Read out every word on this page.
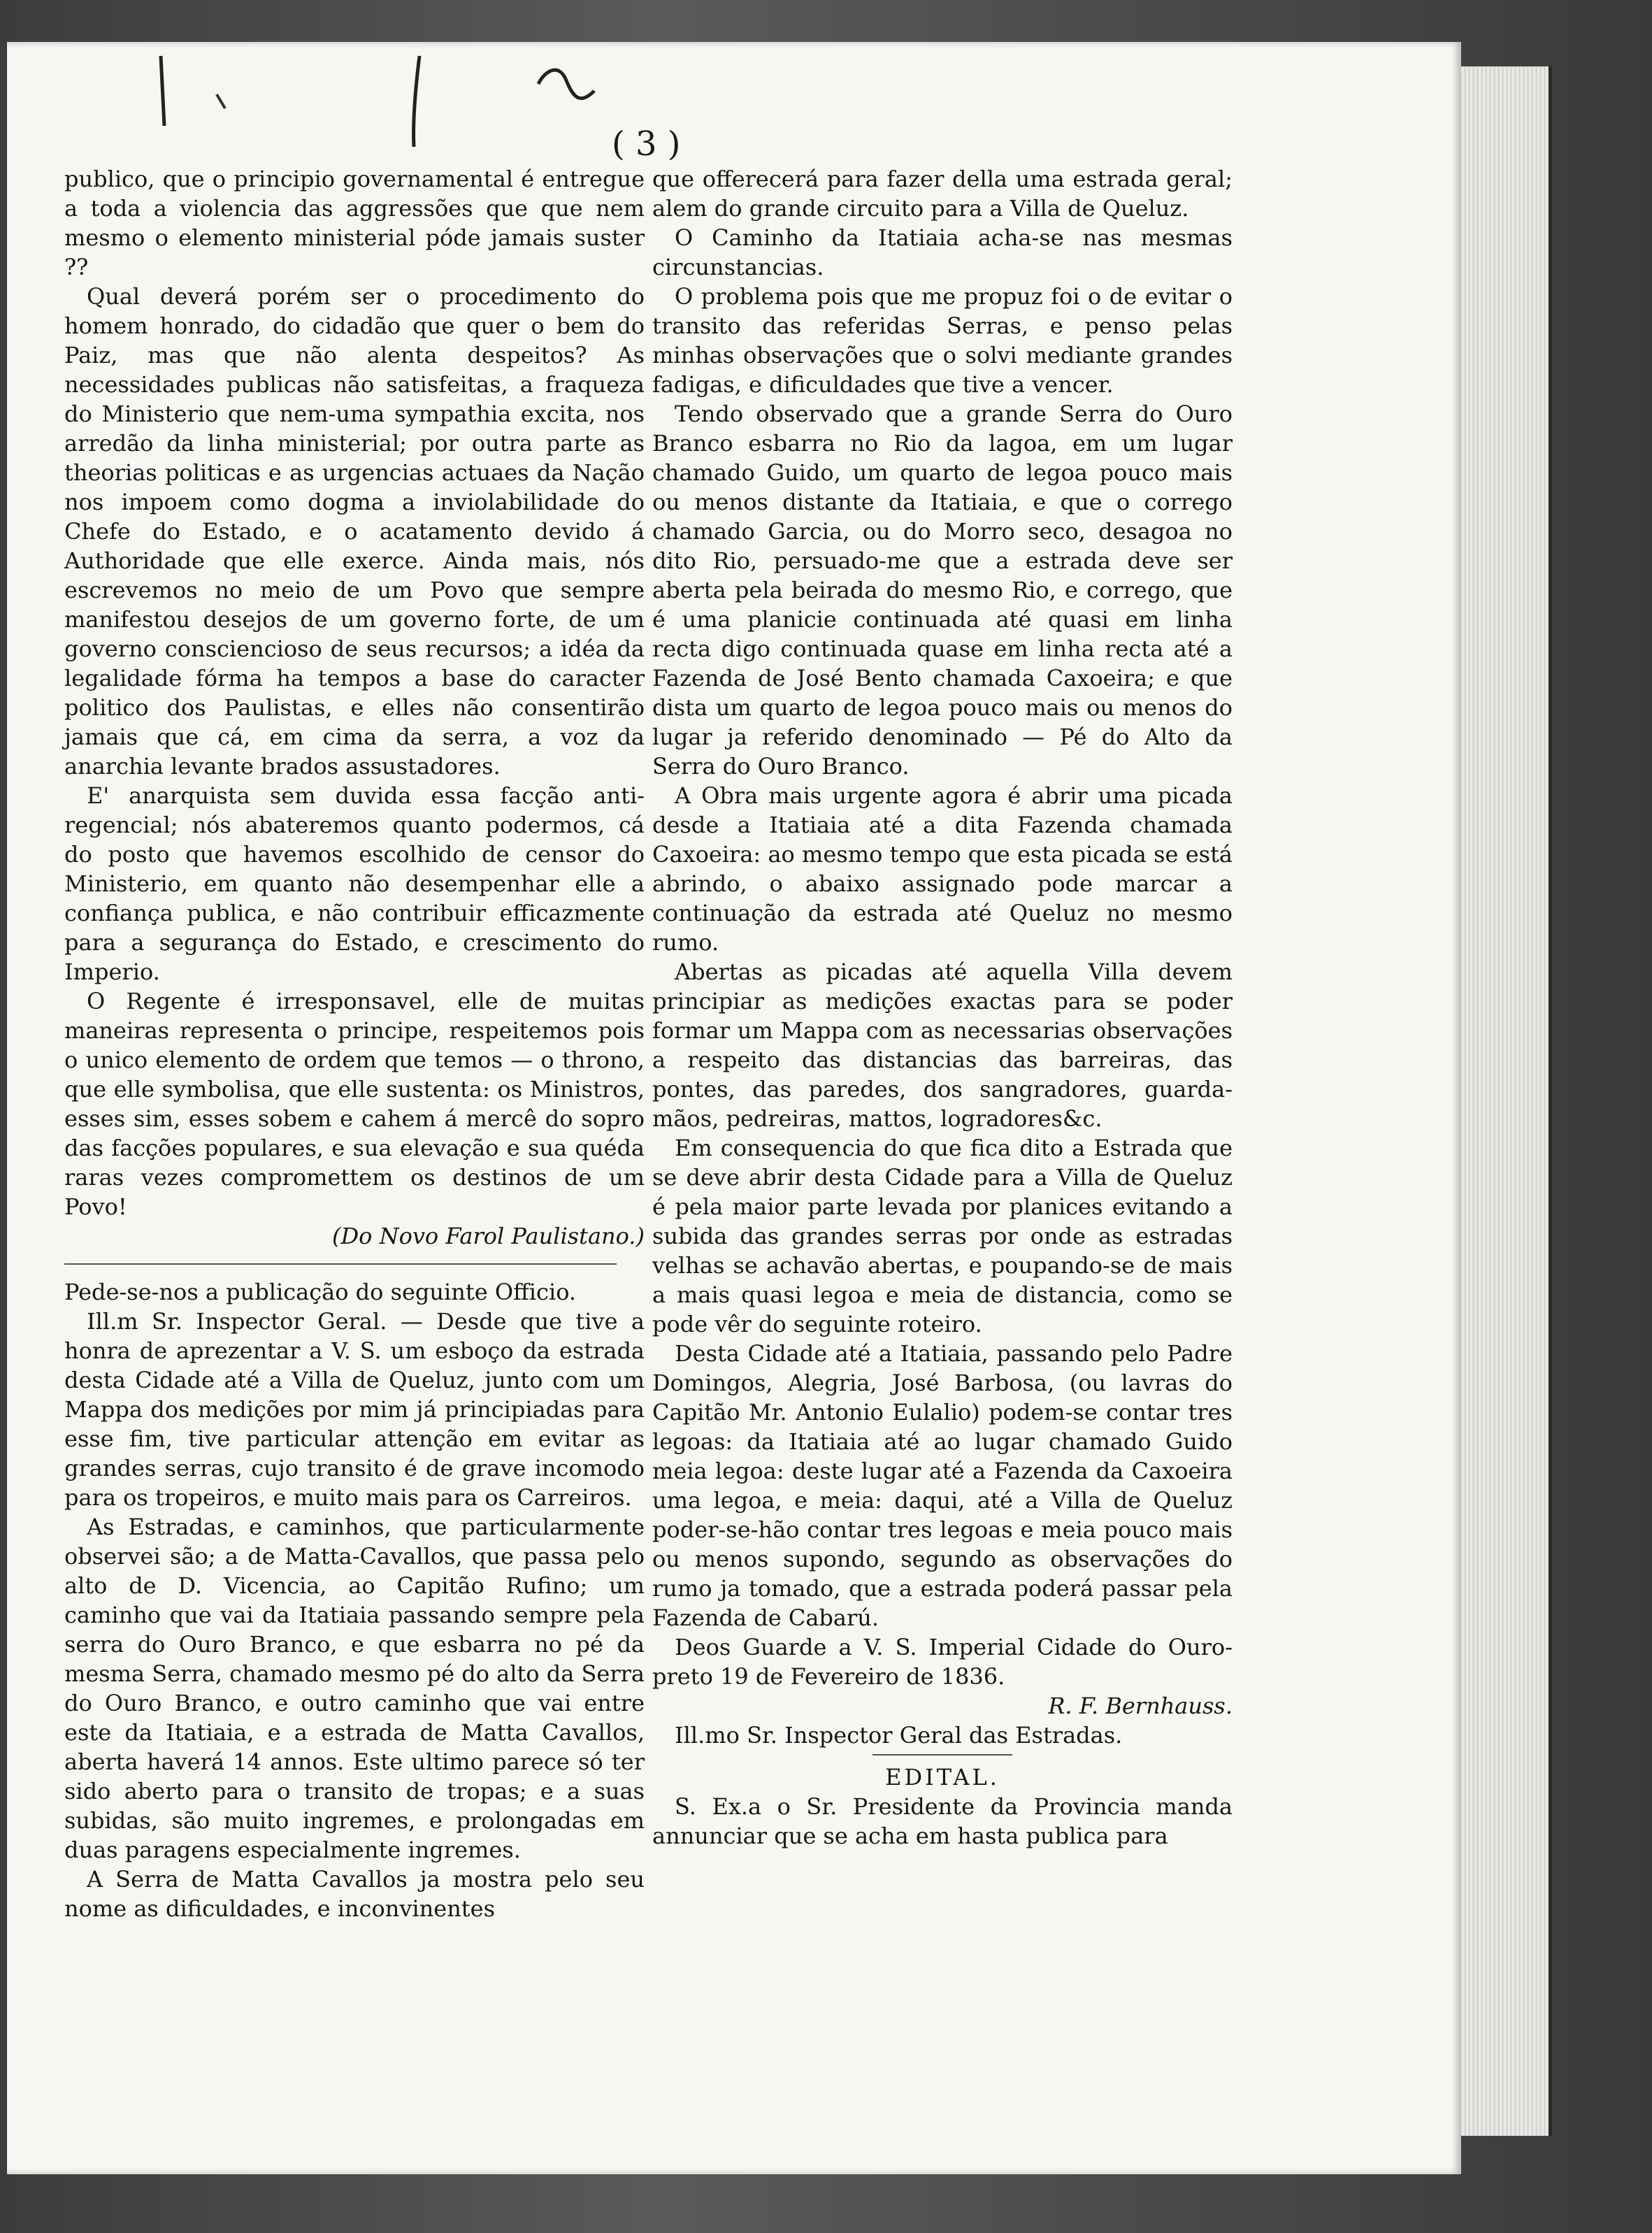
( 3 )

publico, que o principio governamental é entregue a toda a violencia das aggressões que que nem mesmo o elemento ministerial póde jamais suster ??

Qual deverá porém ser o procedimento do homem honrado, do cidadão que quer o bem do Paiz, mas que não alenta despeitos? As necessidades publicas não satisfeitas, a fraqueza do Ministerio que nem-uma sympathia excita, nos arredão da linha ministerial; por outra parte as theorias politicas e as urgencias actuaes da Nação nos impoem como dogma a inviolabilidade do Chefe do Estado, e o acatamento devido á Authoridade que elle exerce. Ainda mais, nós escrevemos no meio de um Povo que sempre manifestou desejos de um governo forte, de um governo consciencioso de seus recursos; a idéa da legalidade fórma ha tempos a base do caracter politico dos Paulistas, e elles não consentirão jamais que cá, em cima da serra, a voz da anarchia levante brados assustadores.

E' anarquista sem duvida essa facção anti-regencial; nós abateremos quanto podermos, cá do posto que havemos escolhido de censor do Ministerio, em quanto não desempenhar elle a confiança publica, e não contribuir efficazmente para a segurança do Estado, e crescimento do Imperio.

O Regente é irresponsavel, elle de muitas maneiras representa o principe, respeitemos pois o unico elemento de ordem que temos — o throno, que elle symbolisa, que elle sustenta: os Ministros, esses sim, esses sobem e cahem á mercê do sopro das facções populares, e sua elevação e sua quéda raras vezes compromettem os destinos de um Povo!

(Do Novo Farol Paulistano.)

Pede-se-nos a publicação do seguinte Officio.

Ill.m Sr. Inspector Geral. — Desde que tive a honra de aprezentar a V. S. um esboço da estrada desta Cidade até a Villa de Queluz, junto com um Mappa dos medições por mim já principiadas para esse fim, tive particular attenção em evitar as grandes serras, cujo transito é de grave incomodo para os tropeiros, e muito mais para os Carreiros.

As Estradas, e caminhos, que particularmente observei são; a de Matta-Cavallos, que passa pelo alto de D. Vicencia, ao Capitão Rufino; um caminho que vai da Itatiaia passando sempre pela serra do Ouro Branco, e que esbarra no pé da mesma Serra, chamado mesmo pé do alto da Serra do Ouro Branco, e outro caminho que vai entre este da Itatiaia, e a estrada de Matta Cavallos, aberta haverá 14 annos. Este ultimo parece só ter sido aberto para o transito de tropas; e a suas subidas, são muito ingremes, e prolongadas em duas paragens especialmente ingremes.

A Serra de Matta Cavallos ja mostra pelo seu nome as dificuldades, e inconvinentes

que offerecerá para fazer della uma estrada geral; alem do grande circuito para a Villa de Queluz.

O Caminho da Itatiaia acha-se nas mesmas circunstancias.

O problema pois que me propuz foi o de evitar o transito das referidas Serras, e penso pelas minhas observações que o solvi mediante grandes fadigas, e dificuldades que tive a vencer.

Tendo observado que a grande Serra do Ouro Branco esbarra no Rio da lagoa, em um lugar chamado Guido, um quarto de legoa pouco mais ou menos distante da Itatiaia, e que o corrego chamado Garcia, ou do Morro seco, desagoa no dito Rio, persuado-me que a estrada deve ser aberta pela beirada do mesmo Rio, e corrego, que é uma planicie continuada até quasi em linha recta digo continuada quase em linha recta até a Fazenda de José Bento chamada Caxoeira; e que dista um quarto de legoa pouco mais ou menos do lugar ja referido denominado — Pé do Alto da Serra do Ouro Branco.

A Obra mais urgente agora é abrir uma picada desde a Itatiaia até a dita Fazenda chamada Caxoeira: ao mesmo tempo que esta picada se está abrindo, o abaixo assignado pode marcar a continuação da estrada até Queluz no mesmo rumo.

Abertas as picadas até aquella Villa devem principiar as medições exactas para se poder formar um Mappa com as necessarias observações a respeito das distancias das barreiras, das pontes, das paredes, dos sangradores, guarda-mãos, pedreiras, mattos, logradores&c.

Em consequencia do que fica dito a Estrada que se deve abrir desta Cidade para a Villa de Queluz é pela maior parte levada por planices evitando a subida das grandes serras por onde as estradas velhas se achavão abertas, e poupando-se de mais a mais quasi legoa e meia de distancia, como se pode vêr do seguinte roteiro.

Desta Cidade até a Itatiaia, passando pelo Padre Domingos, Alegria, José Barbosa, (ou lavras do Capitão Mr. Antonio Eulalio) podem-se contar tres legoas: da Itatiaia até ao lugar chamado Guido meia legoa: deste lugar até a Fazenda da Caxoeira uma legoa, e meia: daqui, até a Villa de Queluz poder-se-hão contar tres legoas e meia pouco mais ou menos supondo, segundo as observações do rumo ja tomado, que a estrada poderá passar pela Fazenda de Cabarú.

Deos Guarde a V. S. Imperial Cidade do Ouro-preto 19 de Fevereiro de 1836.

R. F. Bernhauss.

Ill.mo Sr. Inspector Geral das Estradas.

EDITAL.

S. Ex.a o Sr. Presidente da Provincia manda annunciar que se acha em hasta publica para
